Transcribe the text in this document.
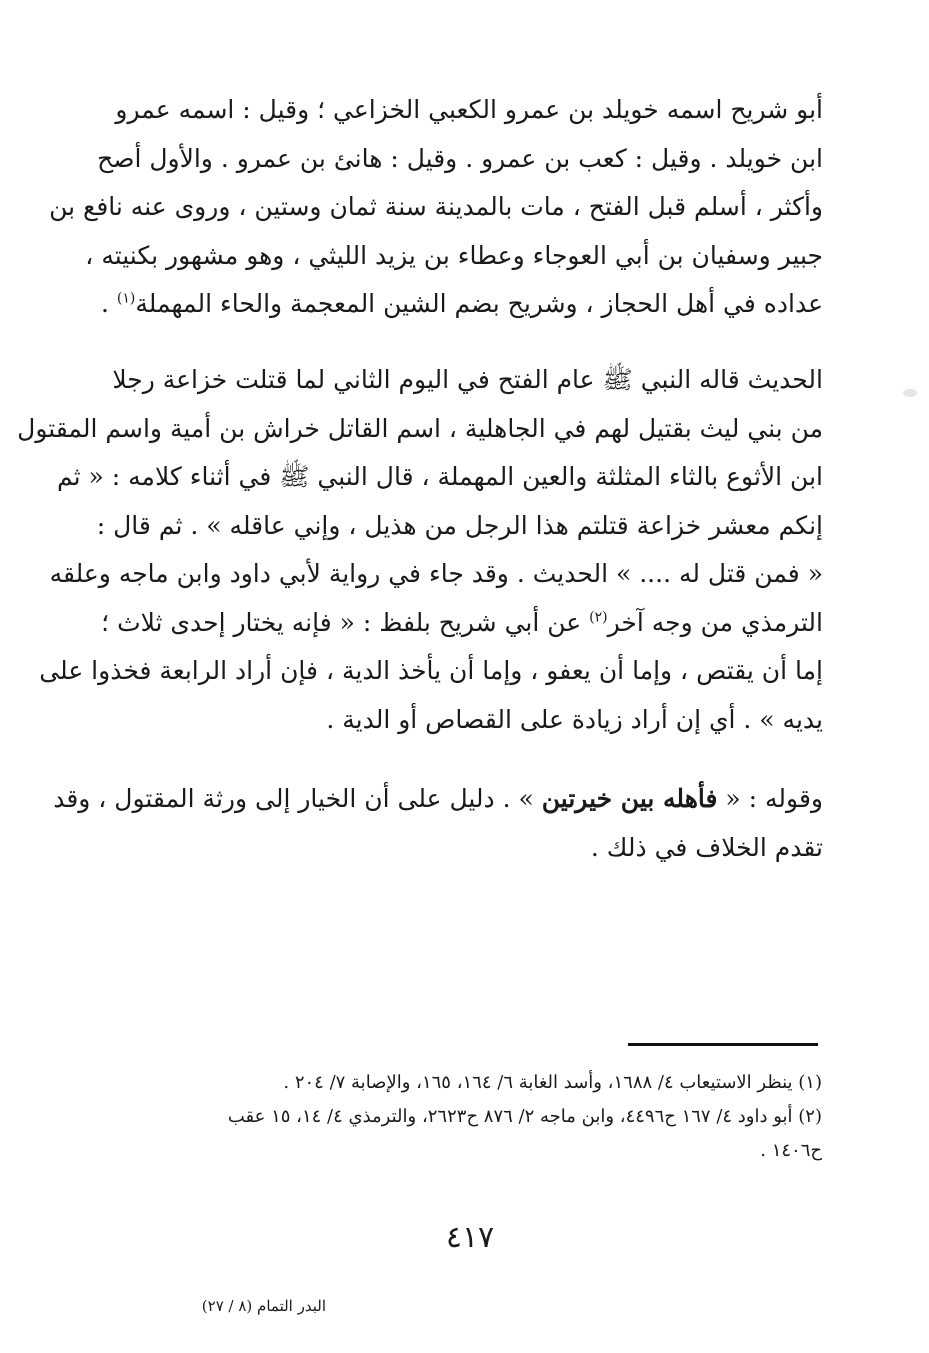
أبو شريح اسمه خويلد بن عمرو الكعبي الخزاعي ؛ وقيل : اسمه عمرو
ابن خويلد . وقيل : كعب بن عمرو . وقيل : هانئ بن عمرو . والأول أصح
وأكثر ، أسلم قبل الفتح ، مات بالمدينة سنة ثمان وستين ، وروى عنه نافع بن
جبير وسفيان بن أبي العوجاء وعطاء بن يزيد الليثي ، وهو مشهور بكنيته ،
عداده في أهل الحجاز ، وشريح بضم الشين المعجمة والحاء المهملة$^{(١)}$ .
الحديث قاله النبي ﷺ عام الفتح في اليوم الثاني لما قتلت خزاعة رجلا
من بني ليث بقتيل لهم في الجاهلية ، اسم القاتل خراش بن أمية واسم المقتول
ابن الأثوع بالثاء المثلثة والعين المهملة ، قال النبي ﷺ في أثناء كلامه : « ثم
إنكم معشر خزاعة قتلتم هذا الرجل من هذيل ، وإني عاقله » . ثم قال :
« فمن قتل له .... » الحديث . وقد جاء في رواية لأبي داود وابن ماجه وعلقه
الترمذي من وجه آخر$^{(٢)}$ عن أبي شريح بلفظ : « فإنه يختار إحدى ثلاث ؛
إما أن يقتص ، وإما أن يعفو ، وإما أن يأخذ الدية ، فإن أراد الرابعة فخذوا على
يديه » . أي إن أراد زيادة على القصاص أو الدية .
وقوله : « فأهله بين خيرتين » . دليل على أن الخيار إلى ورثة المقتول ، وقد
تقدم الخلاف في ذلك .
(١) ينظر الاستيعاب ٤/ ١٦٨٨، وأسد الغابة ٦/ ١٦٤، ١٦٥، والإصابة ٧/ ٢٠٤ .
(٢) أبو داود ٤/ ١٦٧ ح٤٤٩٦، وابن ماجه ٢/ ٨٧٦ ح٢٦٢٣، والترمذي ٤/ ١٤، ١٥ عقب
ح١٤٠٦ .
٤١٧
البدر التمام (٨ / ٢٧)
